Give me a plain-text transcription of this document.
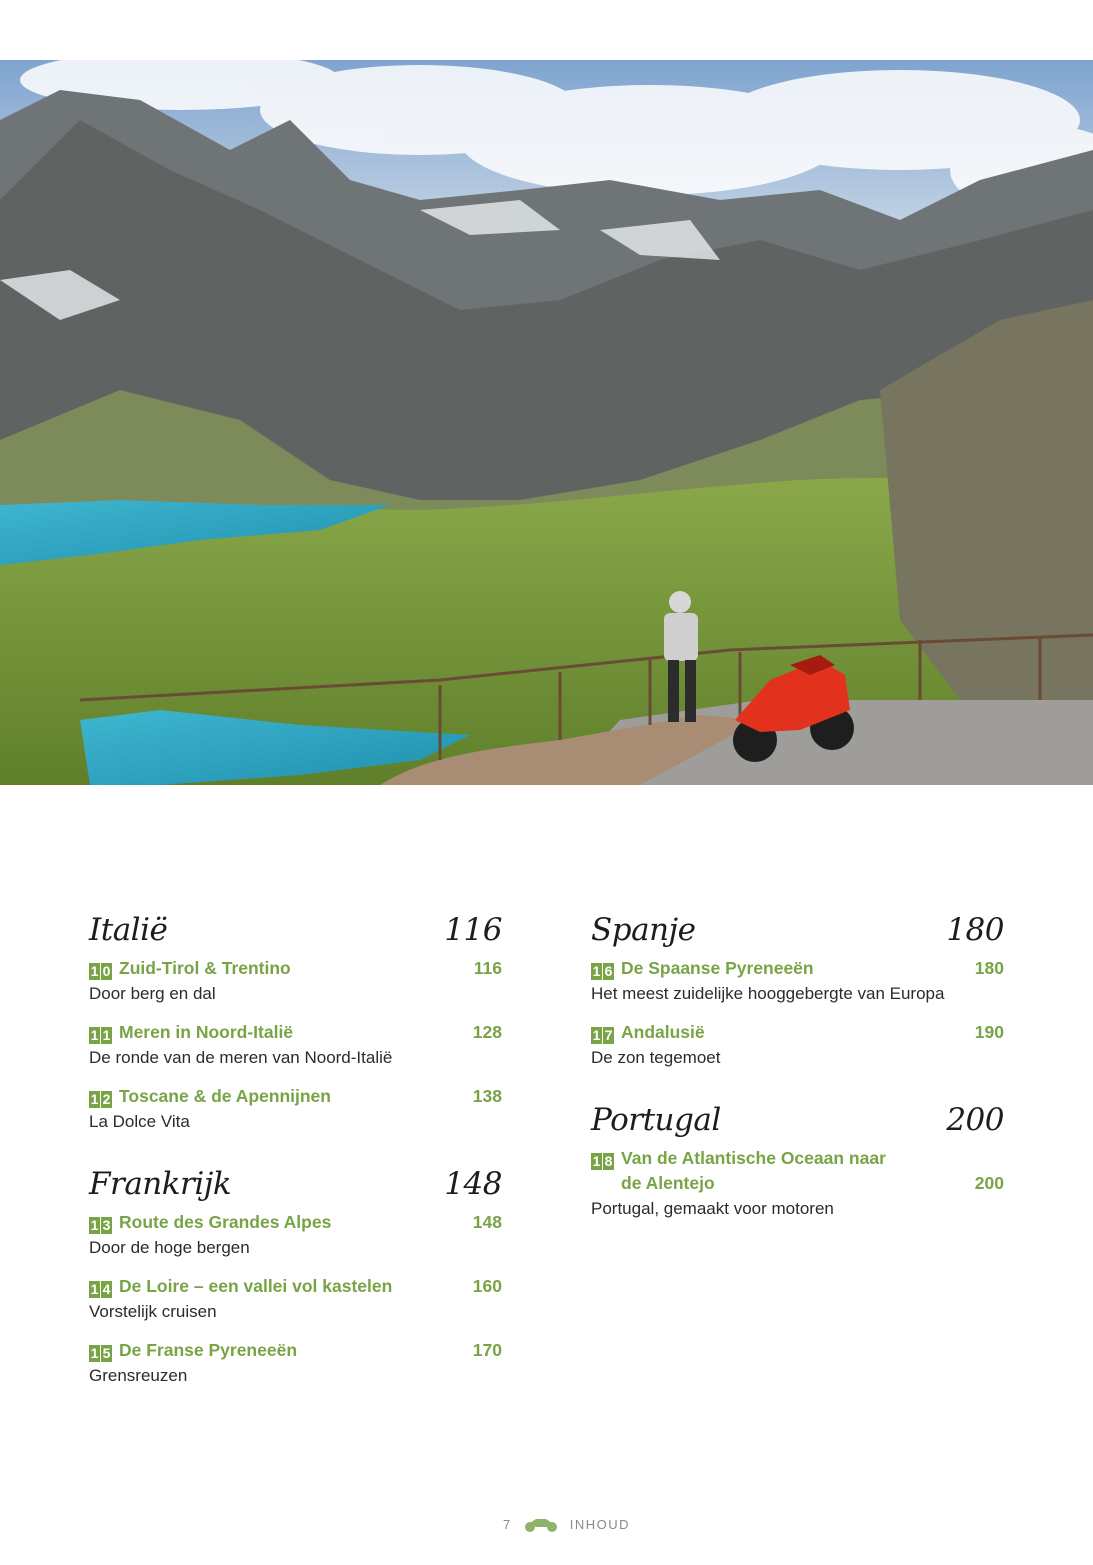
Italië	116
1 0 Zuid-Tirol & Trentino	116
Door berg en dal
1 1 Meren in Noord-Italië	128
De ronde van de meren van Noord-Italië
1 2 Toscane & de Apennijnen	138
La Dolce Vita
Frankrijk	148
1 3 Route des Grandes Alpes	148
Door de hoge bergen
1 4 De Loire – een vallei vol kastelen	160
Vorstelijk cruisen
1 5 De Franse Pyreneeën	170
Grensreuzen
Spanje	180
1 6 De Spaanse Pyreneeën	180
Het meest zuidelijke hooggebergte van Europa
1 7 Andalusië	190
De zon tegemoet
Portugal	200
1 8 Van de Atlantische Oceaan naar
de Alentejo	200
Portugal, gemaakt voor motoren
7	INHOUD
